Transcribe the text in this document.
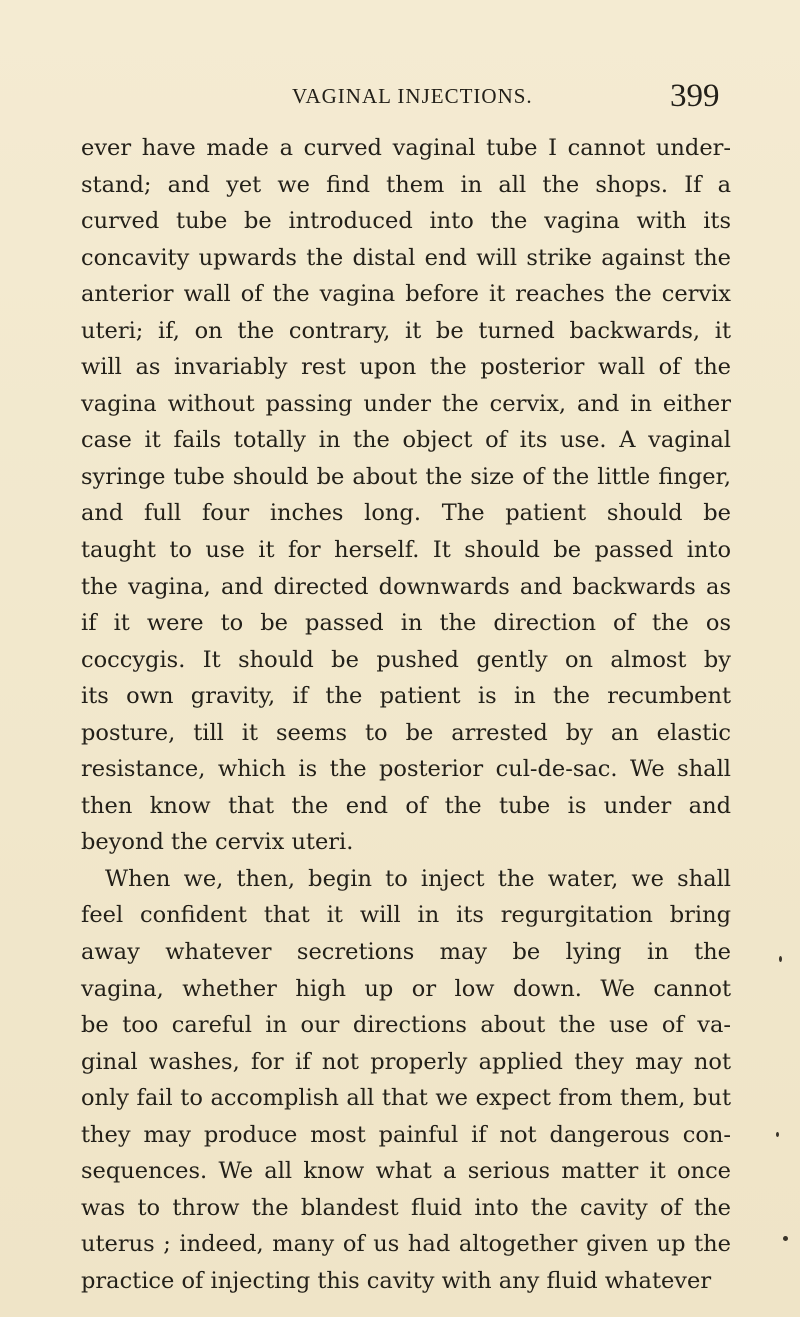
VAGINAL INJECTIONS.	399
ever have made a curved vaginal tube I cannot under-
stand; and yet we find them in all the shops. If a
curved tube be introduced into the vagina with its
concavity upwards the distal end will strike against the
anterior wall of the vagina before it reaches the cervix
uteri; if, on the contrary, it be turned backwards, it
will as invariably rest upon the posterior wall of the
vagina without passing under the cervix, and in either
case it fails totally in the object of its use. A vaginal
syringe tube should be about the size of the little finger,
and full four inches long. The patient should be
taught to use it for herself. It should be passed into
the vagina, and directed downwards and backwards as
if it were to be passed in the direction of the os
coccygis. It should be pushed gently on almost by
its own gravity, if the patient is in the recumbent
posture, till it seems to be arrested by an elastic
resistance, which is the posterior cul-de-sac. We shall
then know that the end of the tube is under and
beyond the cervix uteri.
When we, then, begin to inject the water, we shall
feel confident that it will in its regurgitation bring
away whatever secretions may be lying in the
vagina, whether high up or low down. We cannot
be too careful in our directions about the use of va-
ginal washes, for if not properly applied they may not
only fail to accomplish all that we expect from them, but
they may produce most painful if not dangerous con-
sequences. We all know what a serious matter it once
was to throw the blandest fluid into the cavity of the
uterus ; indeed, many of us had altogether given up the
practice of injecting this cavity with any fluid whatever
